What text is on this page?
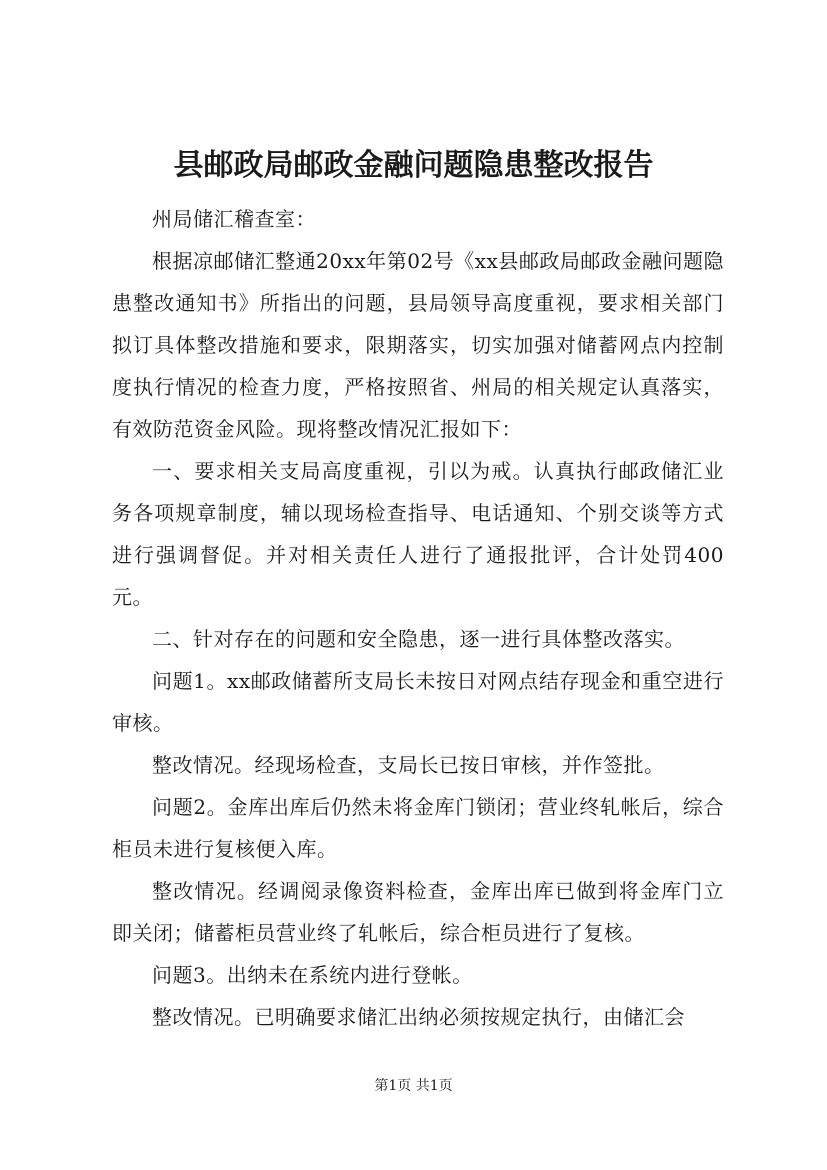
县邮政局邮政金融问题隐患整改报告

州局储汇稽查室：

根据凉邮储汇整通20xx年第02号《xx县邮政局邮政金融问题隐患整改通知书》所指出的问题，县局领导高度重视，要求相关部门拟订具体整改措施和要求，限期落实，切实加强对储蓄网点内控制度执行情况的检查力度，严格按照省、州局的相关规定认真落实，有效防范资金风险。现将整改情况汇报如下：

一、要求相关支局高度重视，引以为戒。认真执行邮政储汇业务各项规章制度，辅以现场检查指导、电话通知、个别交谈等方式进行强调督促。并对相关责任人进行了通报批评，合计处罚400元。

二、针对存在的问题和安全隐患，逐一进行具体整改落实。

问题1。xx邮政储蓄所支局长未按日对网点结存现金和重空进行审核。

整改情况。经现场检查，支局长已按日审核，并作签批。

问题2。金库出库后仍然未将金库门锁闭；营业终轧帐后，综合柜员未进行复核便入库。

整改情况。经调阅录像资料检查，金库出库已做到将金库门立即关闭；储蓄柜员营业终了轧帐后，综合柜员进行了复核。

问题3。出纳未在系统内进行登帐。

整改情况。已明确要求储汇出纳必须按规定执行，由储汇会

第1页 共1页
